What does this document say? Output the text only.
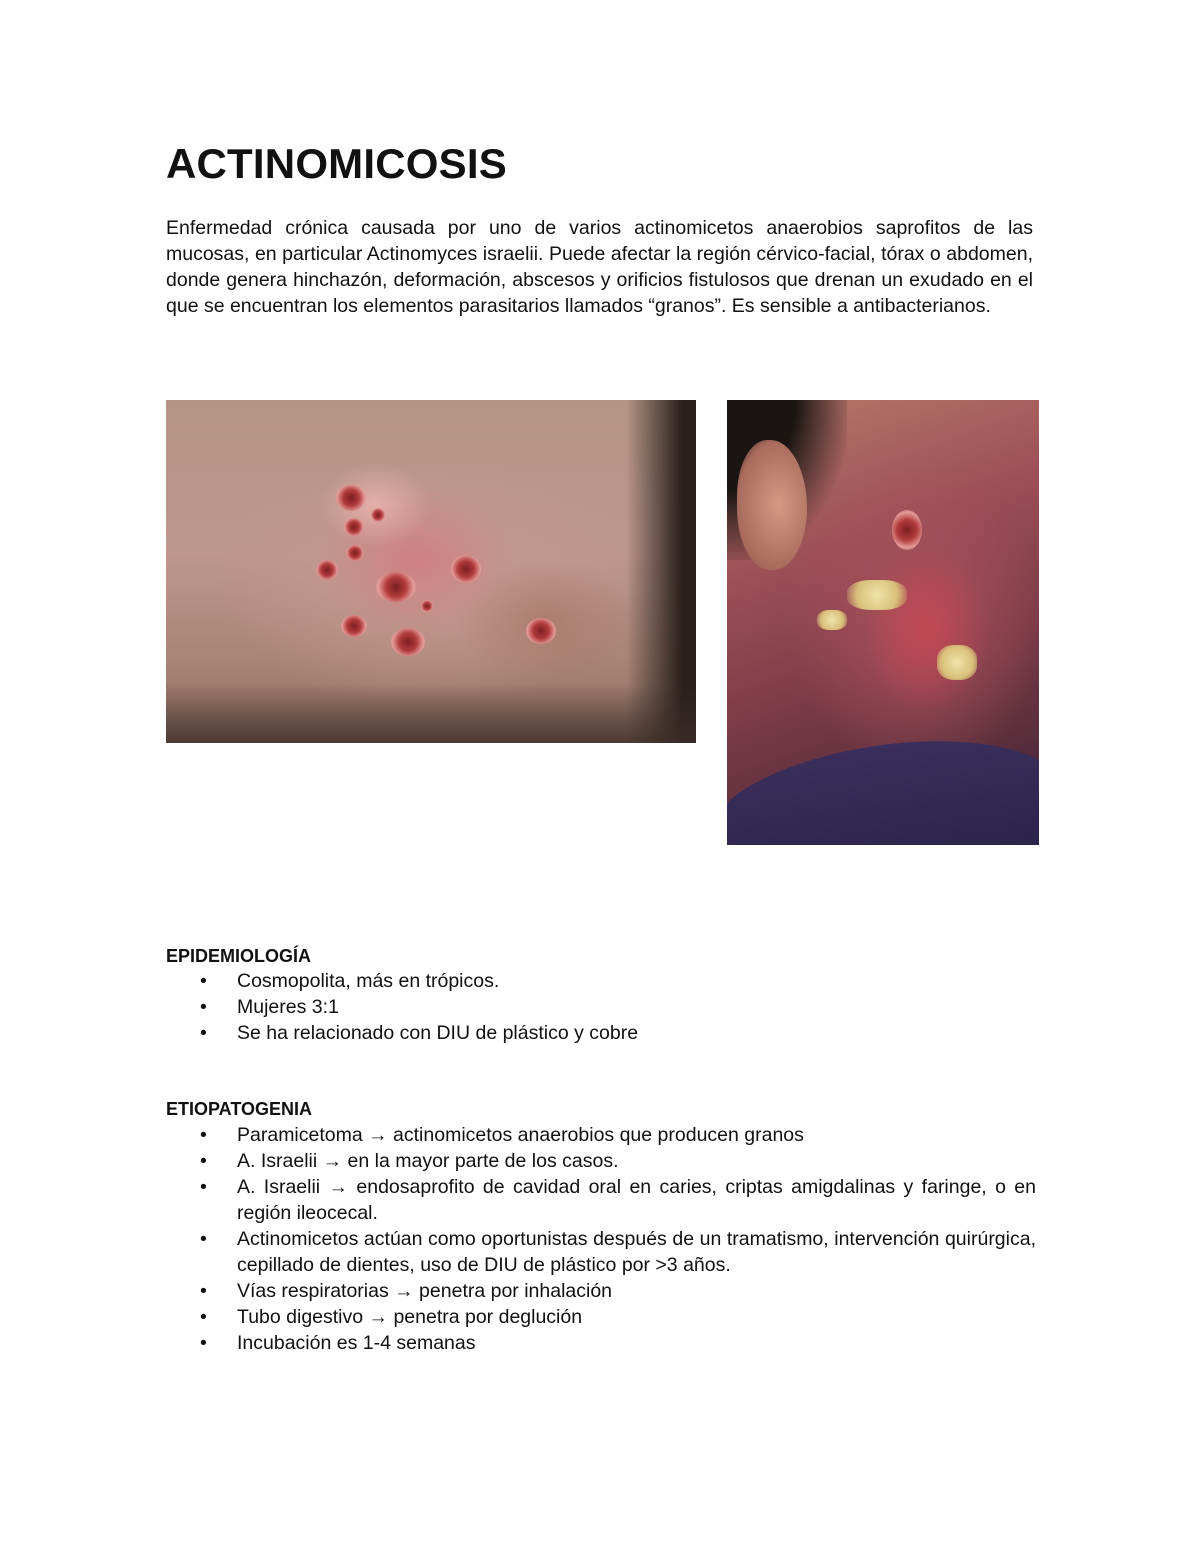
ACTINOMICOSIS

Enfermedad crónica causada por uno de varios actinomicetos anaerobios saprofitos de las mucosas, en particular Actinomyces israelii. Puede afectar la región cérvico-facial, tórax o abdomen, donde genera hinchazón, deformación, abscesos y orificios fistulosos que drenan un exudado en el que se encuentran los elementos parasitarios llamados “granos”. Es sensible a antibacterianos.

EPIDEMIOLOGÍA
• Cosmopolita, más en trópicos.
• Mujeres 3:1
• Se ha relacionado con DIU de plástico y cobre
ETIOPATOGENIA
• Paramicetoma → actinomicetos anaerobios que producen granos
• A. Israelii → en la mayor parte de los casos.
• A. Israelii → endosaprofito de cavidad oral en caries, criptas amigdalinas y faringe, o en región ileocecal.
• Actinomicetos actúan como oportunistas después de un tramatismo, intervención quirúrgica, cepillado de dientes, uso de DIU de plástico por >3 años.
• Vías respiratorias → penetra por inhalación
• Tubo digestivo → penetra por deglución
• Incubación es 1-4 semanas
